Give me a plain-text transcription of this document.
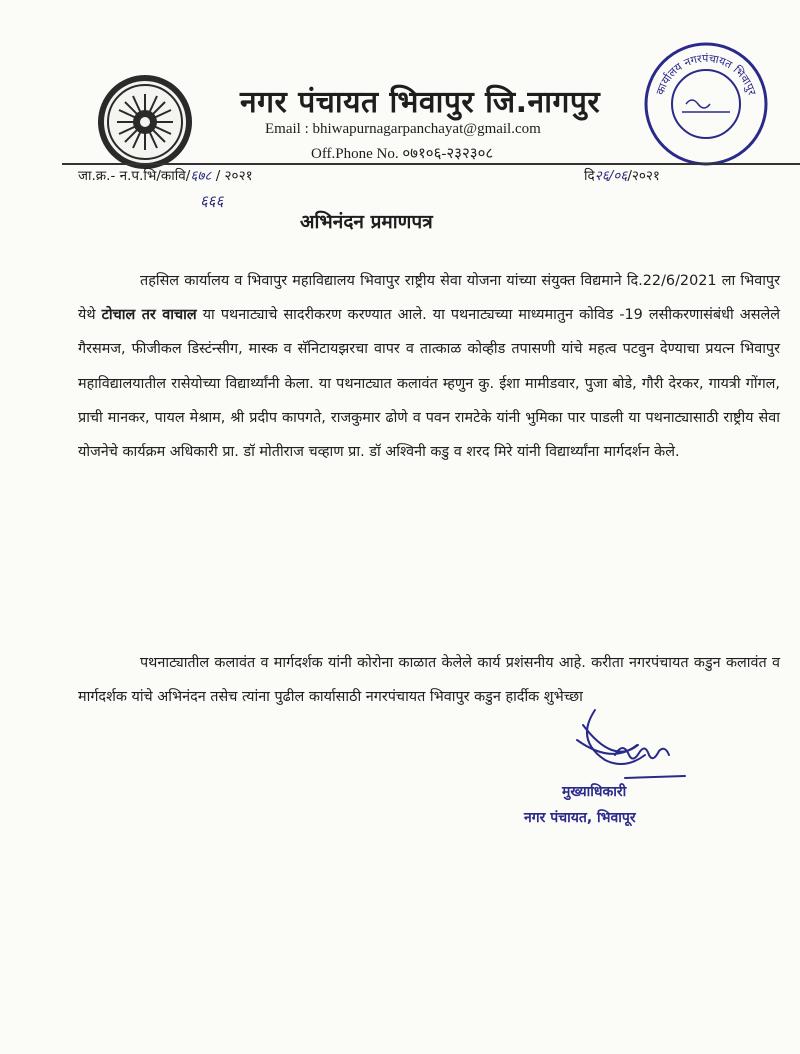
नगर पंचायत भिवापुर जि.नागपुर
Email : bhiwapurnagarpanchayat@gmail.com
Off.Phone No. ०७१०६-२३२३०८
कार्यालय नगरपंचायत भिवापुर
जा.क्र.- न.प.भि/कावि/६७८ / २०२१
६६६
दि२६/०६/२०२१
अभिनंदन प्रमाणपत्र

तहसिल कार्यालय व भिवापुर महाविद्यालय भिवापुर राष्ट्रीय सेवा योजना यांच्या संयुक्त विद्यमाने दि.22/6/2021 ला भिवापुर येथे टोचाल तर वाचाल या पथनाट्याचे सादरीकरण करण्यात आले. या पथनाट्यच्या माध्यमातुन कोविड -19 लसीकरणासंबंधी असलेले गैरसमज, फीजीकल डिस्टंन्सीग, मास्क व सॅनिटायझरचा वापर व तात्काळ कोव्हीड तपासणी यांचे महत्व पटवुन देण्याचा प्रयत्न भिवापुर महाविद्यालयातील रासेयोच्या विद्यार्थ्यांनी केला. या पथनाट्यात कलावंत म्हणुन कु. ईशा मामीडवार, पुजा बोडे, गौरी देरकर, गायत्री गोंगल, प्राची मानकर, पायल मेश्राम, श्री प्रदीप कापगते, राजकुमार ढोणे व पवन रामटेके यांनी भुमिका पार पाडली या पथनाट्यासाठी राष्ट्रीय सेवा योजनेचे कार्यक्रम अधिकारी प्रा. डॉ मोतीराज चव्हाण प्रा. डॉ अश्विनी कडु व शरद मिरे यांनी विद्यार्थ्यांना मार्गदर्शन केले.

पथनाट्यातील कलावंत व मार्गदर्शक यांनी कोरोना काळात केलेले कार्य प्रशंसनीय आहे. करीता नगरपंचायत कडुन कलावंत व मार्गदर्शक यांचे अभिनंदन तसेच त्यांना पुढील कार्यासाठी नगरपंचायत भिवापुर कडुन हार्दीक शुभेच्छा

मुख्याधिकारी
नगर पंचायत, भिवापूर
